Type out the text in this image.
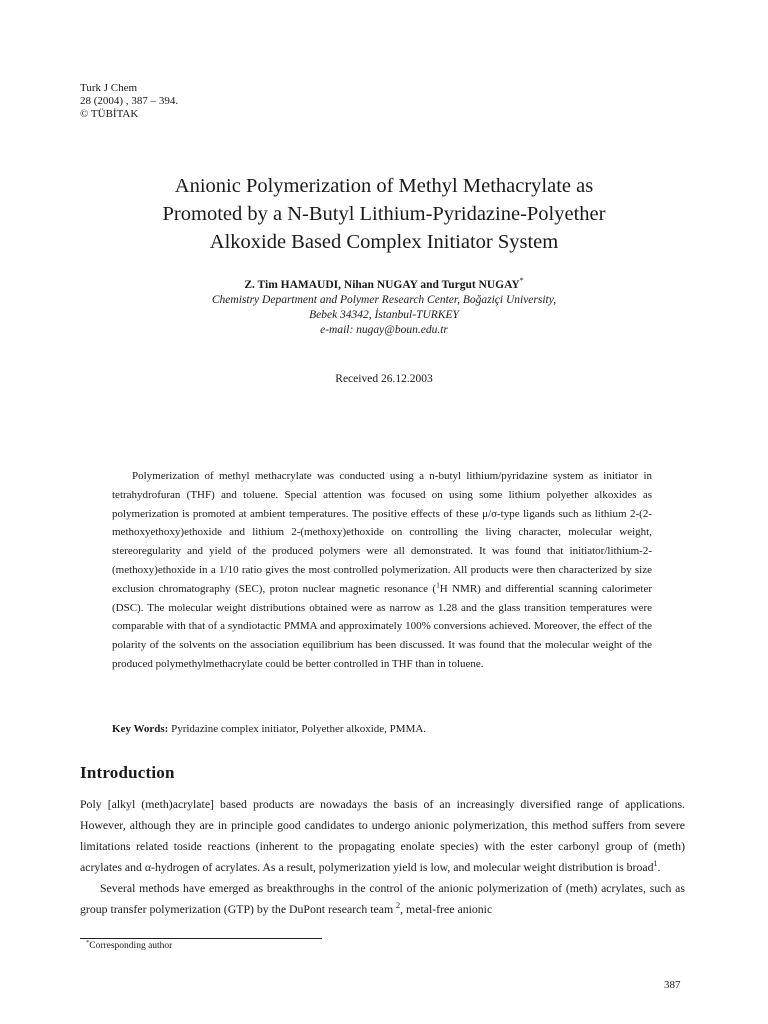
Turk J Chem
28 (2004) , 387 – 394.
© TÜBİTAK
Anionic Polymerization of Methyl Methacrylate as
Promoted by a N-Butyl Lithium-Pyridazine-Polyether
Alkoxide Based Complex Initiator System
Z. Tim HAMAUDI, Nihan NUGAY and Turgut NUGAY*
Chemistry Department and Polymer Research Center, Boğaziçi University,
Bebek 34342, İstanbul-TURKEY
e-mail: nugay@boun.edu.tr
Received 26.12.2003

Polymerization of methyl methacrylate was conducted using a n-butyl lithium/pyridazine system as initiator in tetrahydrofuran (THF) and toluene. Special attention was focused on using some lithium polyether alkoxides as polymerization is promoted at ambient temperatures. The positive effects of these μ/σ-type ligands such as lithium 2-(2-methoxyethoxy)ethoxide and lithium 2-(methoxy)ethoxide on controlling the living character, molecular weight, stereoregularity and yield of the produced polymers were all demonstrated. It was found that initiator/lithium-2-(methoxy)ethoxide in a 1/10 ratio gives the most controlled polymerization. All products were then characterized by size exclusion chromatography (SEC), proton nuclear magnetic resonance ($^1$H NMR) and differential scanning calorimeter (DSC). The molecular weight distributions obtained were as narrow as 1.28 and the glass transition temperatures were comparable with that of a syndiotactic PMMA and approximately 100% conversions achieved. Moreover, the effect of the polarity of the solvents on the association equilibrium has been discussed. It was found that the molecular weight of the produced polymethylmethacrylate could be better controlled in THF than in toluene.

Key Words: Pyridazine complex initiator, Polyether alkoxide, PMMA.
Introduction

Poly [alkyl (meth)acrylate] based products are nowadays the basis of an increasingly diversified range of applications. However, although they are in principle good candidates to undergo anionic polymerization, this method suffers from severe limitations related toside reactions (inherent to the propagating enolate species) with the ester carbonyl group of (meth) acrylates and α-hydrogen of acrylates. As a result, polymerization yield is low, and molecular weight distribution is broad$^1$.

Several methods have emerged as breakthroughs in the control of the anionic polymerization of (meth) acrylates, such as group transfer polymerization (GTP) by the DuPont research team $^2$, metal-free anionic

*Corresponding author
387
